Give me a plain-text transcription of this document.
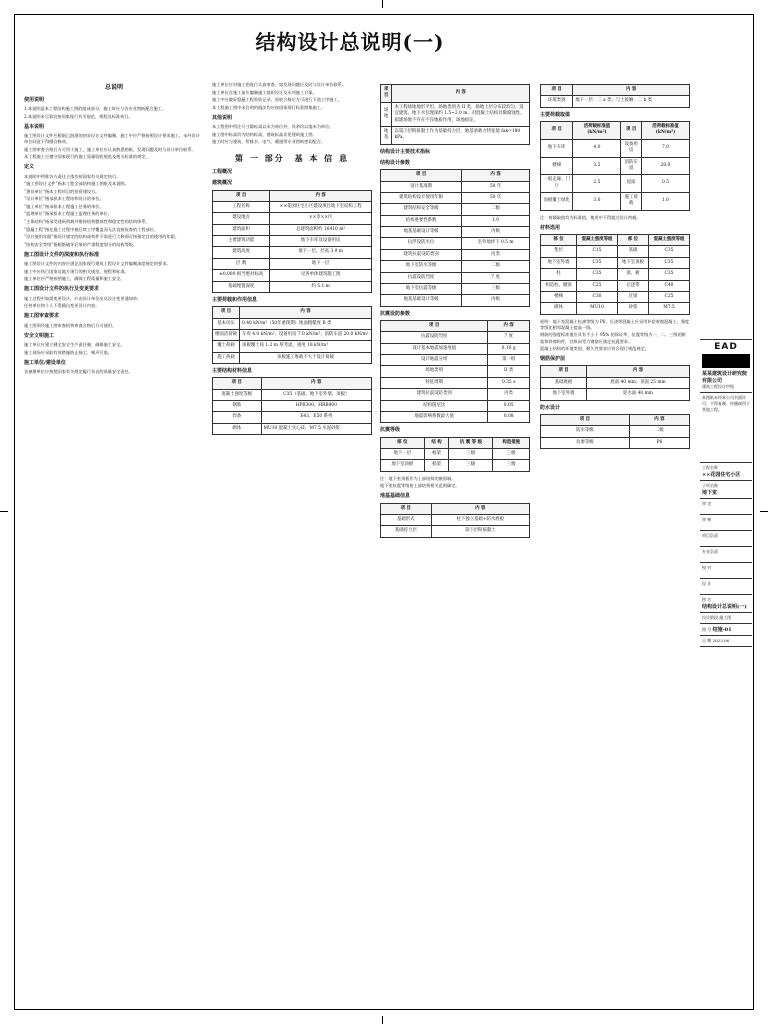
结构设计总说明(一)
总说明
使用说明

1.本说明是本工程结构施工图的组成部分，施工时应与各专业图纸配合施工。

2.本说明未尽事宜按国家现行有关规范、规程及标准执行。

基本说明

施工图设计文件应根据已批准的初步设计文件编制，施工中应严格按照设计要求施工，未经设计单位同意不得擅自修改。

施工图审查合格后方可用于施工，施工单位应认真熟悉图纸，发现问题及时与设计单位联系。

本工程施工应遵守国家现行的施工质量验收规范及相关标准的规定。

定义

本说明中所称各方责任主体均按国家有关规定执行。

“施工图设计文件”指本工程全部结构施工图纸及本说明。

“建设单位”指本工程项目的投资建设方。

“设计单位”指承担本工程结构设计的单位。

“施工单位”指承担本工程施工任务的单位。

“监理单位”指承担本工程施工监理任务的单位。

“主体结构”指承受建筑荷载并维持结构整体性和稳定性的结构体系。

“隐蔽工程”指在施工过程中被后续工序覆盖而无法直接检查的工程部位。

“设计使用年限”指设计规定的结构或构件不需进行大修即可按预定目的使用的年限。

“结构安全等级”指根据破坏后果的严重程度划分的结构等级。

施工图设计文件的深度和执行标准

施工图设计文件的内容应满足国家现行建筑工程设计文件编制深度规定的要求。

施工中应执行国家及地方现行的相关规范、规程和标准。

施工单位应严格按图施工，确保工程质量和施工安全。

施工图设计文件的执行及变更要求

施工过程中如需变更设计，应由设计单位出具设计变更通知单。

任何单位和个人不得擅自变更设计内容。

施工图审查要求

施工图须经施工图审查机构审查合格后方可使用。

安全文明施工

施工单位应建立健全安全生产责任制，确保施工安全。

施工现场应采取有效措施防止扬尘、噪声污染。

施工单位/建设单位

各参建单位应按照国家有关规定履行各自的质量安全责任。

施工单位应对施工图进行认真审查，如发现问题应及时与设计单位联系。

施工单位在施工前应编制施工组织设计及专项施工方案。

施工中应做好隐蔽工程验收记录，验收合格后方可进行下道工序施工。

本工程施工图中未注明的做法均应按国家现行标准图集施工。

其他说明

本工程图中所注尺寸除标高以米为单位外，其余均以毫米为单位。

施工图中标高均为结构标高，建筑标高详见建筑施工图。

施工时应与建筑、给排水、电气、暖通等专业图纸密切配合。

第 一 部分　基 本 信 息
工程概况
建筑概况
项 目	内 容
工程名称	××花园住宅小区建设项目地下室结构工程
建设地点	××市××区
建筑面积	总建筑面积约 16410 m²
主要建筑功能	地下车库及设备用房
建筑高度	地下一层，层高 3.9 m
层 数	地下一层
±0.000 相当绝对标高	见各单体建筑施工图
基础埋置深度	约 5.1 m
主要荷载和作用信息
项 目	内 容
基本风压	0.40 kN/m²（50年重现期）地面粗糙度 B 类
楼面活荷载	车库 4.0 kN/m²；设备用房 7.0 kN/m²；消防车道 20.0 kN/m²
覆土荷载	顶板覆土按 1.2 m 厚考虑，重度 18 kN/m³
施工荷载	顶板施工堆载不大于设计荷载
主要结构材料信息
项 目	内 容
混凝土强度等级	C35（基础、地下室外墙、顶板）
钢筋	HPB300、HRB400
焊条	E43、E50 系列
砌体	MU10 混凝土实心砖，M7.5 水泥砂浆
项 目	内 容
场地	本工程场地地形平坦，场地类别为 II 类，场地土层分布较均匀，适宜建筑。地下水位埋深约 1.5~2.0 m，对混凝土结构具微腐蚀性。拟建场地不存在不良地质作用，场地稳定。
地基	以第③层粉质黏土作为基础持力层，地基承载力特征值 fak=180 kPa。
结构设计主要技术指标
结构设计参数
项 目	内 容
设计基准期	50 年
建筑结构设计使用年限	50 年
建筑结构安全等级	二级
结构重要性系数	1.0
地基基础设计等级	丙级
抗浮设防水位	室外地坪下 0.5 m
建筑抗震设防类别	丙类
地下室防水等级	二级
抗震设防烈度	7 度
地下室抗震等级	三级
地基基础设计等级	丙级
抗震设防参数
项 目	内 容
抗震设防烈度	7 度
设计基本地震加速度值	0.10 g
设计地震分组	第一组
场地类别	II 类
特征周期	0.35 s
建筑抗震设防类别	丙类
结构阻尼比	0.05
地震影响系数最大值	0.08
抗震等级
部 位	结 构	抗 震 等 级	构造措施
地下一层	框架	三级	三级
地下室顶板	框架	三级	三级

注：地下室顶板作为上部结构的嵌固端。

地下室抗震等级按上部结构相关范围确定。

地基基础信息
项 目	内 容
基础形式	柱下独立基础+防水底板
基础持力层	第③层粉质黏土
项 目	内 容
环境类别	地下一层：二 a 类；与土接触：二 b 类
主要荷载取值
项 目	活荷载标准值 (kN/m²)	项 目	活荷载标准值 (kN/m²)
地下车库	4.0	设备用房	7.0
楼梯	3.5	消防车道	20.0
一般走廊、门厅	2.5	屋面	0.5
顶板覆土绿化	3.0	施工荷载	1.0

注：荷载取值均为标准值，使用中不得超过设计荷载。

材料选用
部 位	混凝土强度等级	部 位	混凝土强度等级
垫层	C15	基础	C35
地下室外墙	C35	地下室顶板	C35
柱	C35	梁、板	C35
构造柱、圈梁	C25	后浇带	C40
楼梯	C30	过梁	C25
砌体	MU10	砂浆	M7.5

说明：地下室混凝土抗渗等级为 P6，后浇带混凝土应采用补偿收缩混凝土，强度等级比相邻混凝土提高一级。

钢筋的强度标准值应具有不小于 95% 的保证率，抗震等级为一、二、三级的框架和斜撑构件，其纵向受力钢筋应满足抗震要求。

混凝土结构的环境类别、耐久性要求应符合现行规范规定。

钢筋保护层
项 目	内 容
基础底板	底面 40 mm；顶面 25 mm
地下室外墙	迎水面 40 mm
防水设计
项 目	内 容
防水等级	二级
抗渗等级	P6
EAD
某某建筑设计研究院有限公司
建筑工程设计甲级
本图纸未经本公司书面许可，不得复制、传播或用于其他工程。
工程名称
××花园住宅小区
子项名称
地下室
审 定
审 核
项目负责
专业负责
校 对
设 计
图 名
结构设计总说明(一)
设计阶段 施工图
图 号 结施-01
日 期 2023.06
